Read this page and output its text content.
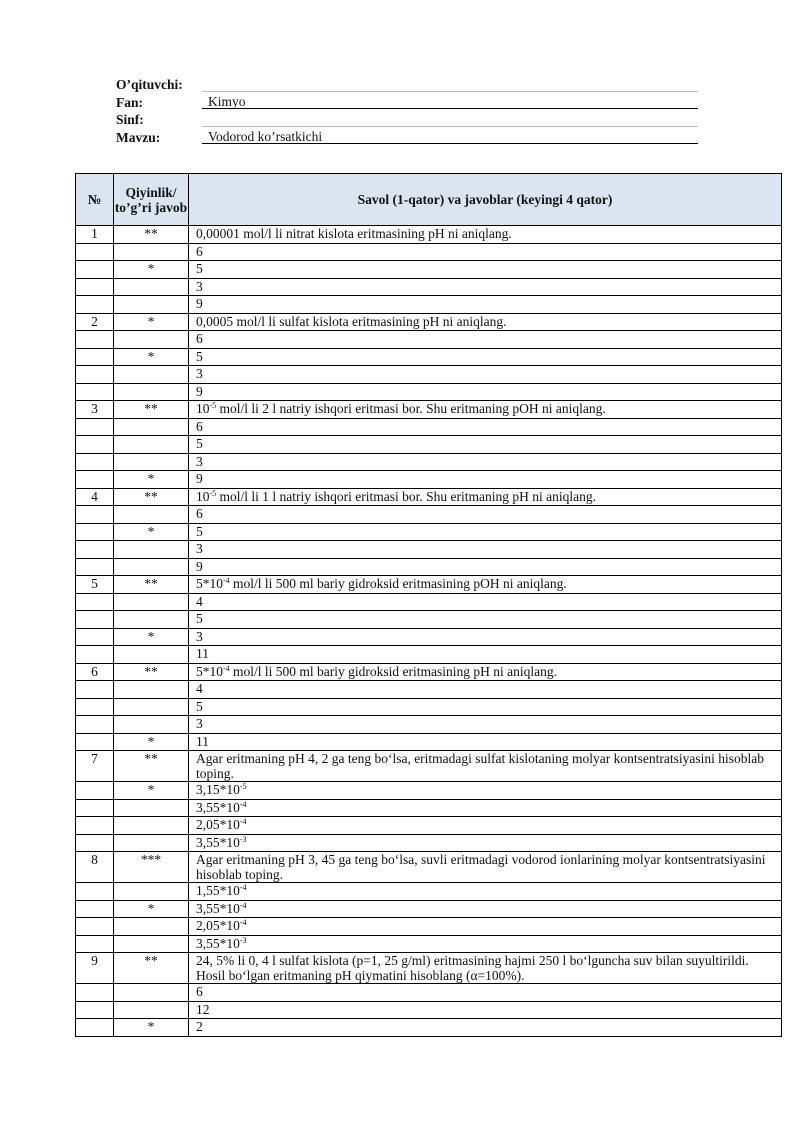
O’qituvchi:
Fan:	Kimyo
Sinf:
Mavzu:	Vodorod ko’rsatkichi
№	Qiyinlik/ to’g’ri javob	Savol (1-qator) va javoblar (keyingi 4 qator)
1	**	0,00001 mol/l li nitrat kislota eritmasining pH ni aniqlang.
		6
	*	5
		3
		9
2	*	0,0005 mol/l li sulfat kislota eritmasining pH ni aniqlang.
		6
	*	5
		3
		9
3	**	$10^{-5}$ mol/l li 2 l natriy ishqori eritmasi bor. Shu eritmaning pOH ni aniqlang.
		6
		5
		3
	*	9
4	**	$10^{-5}$ mol/l li 1 l natriy ishqori eritmasi bor. Shu eritmaning pH ni aniqlang.
		6
	*	5
		3
		9
5	**	$5*10^{-4}$ mol/l li 500 ml bariy gidroksid eritmasining pOH ni aniqlang.
		4
		5
	*	3
		11
6	**	$5*10^{-4}$ mol/l li 500 ml bariy gidroksid eritmasining pH ni aniqlang.
		4
		5
		3
	*	11
7	**	Agar eritmaning pH 4, 2 ga teng bo‘lsa, eritmadagi sulfat kislotaning molyar kontsentratsiyasini hisoblab toping.
	*	$3,15*10^{-5}$
		$3,55*10^{-4}$
		$2,05*10^{-4}$
		$3,55*10^{-3}$
8	***	Agar eritmaning pH 3, 45 ga teng bo‘lsa, suvli eritmadagi vodorod ionlarining molyar kontsentratsiyasini hisoblab toping.
		$1,55*10^{-4}$
	*	$3,55*10^{-4}$
		$2,05*10^{-4}$
		$3,55*10^{-3}$
9	**	24, 5% li 0, 4 l sulfat kislota (p=1, 25 g/ml) eritmasining hajmi 250 l bo‘lguncha suv bilan suyultirildi. Hosil bo‘lgan eritmaning pH qiymatini hisoblang (α=100%).
		6
		12
	*	2
